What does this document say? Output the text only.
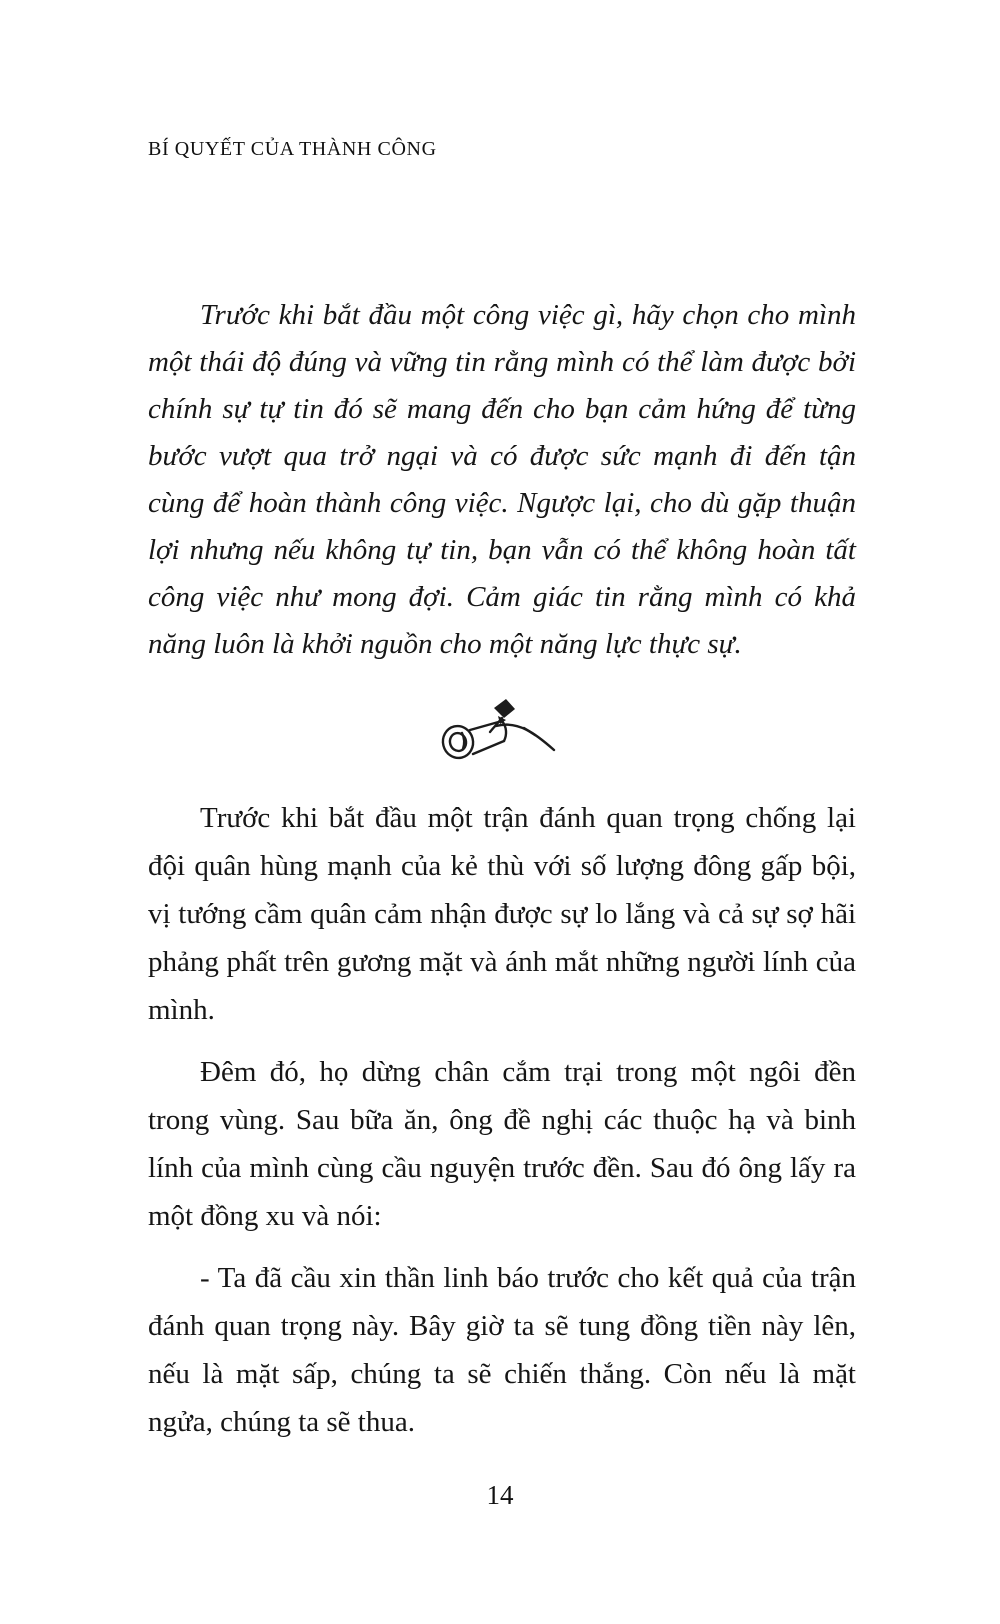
BÍ QUYẾT CỦA THÀNH CÔNG

Trước khi bắt đầu một công việc gì, hãy chọn cho mình một thái độ đúng và vững tin rằng mình có thể làm được bởi chính sự tự tin đó sẽ mang đến cho bạn cảm hứng để từng bước vượt qua trở ngại và có được sức mạnh đi đến tận cùng để hoàn thành công việc. Ngược lại, cho dù gặp thuận lợi nhưng nếu không tự tin, bạn vẫn có thể không hoàn tất công việc như mong đợi. Cảm giác tin rằng mình có khả năng luôn là khởi nguồn cho một năng lực thực sự.

Trước khi bắt đầu một trận đánh quan trọng chống lại đội quân hùng mạnh của kẻ thù với số lượng đông gấp bội, vị tướng cầm quân cảm nhận được sự lo lắng và cả sự sợ hãi phảng phất trên gương mặt và ánh mắt những người lính của mình.

Đêm đó, họ dừng chân cắm trại trong một ngôi đền trong vùng. Sau bữa ăn, ông đề nghị các thuộc hạ và binh lính của mình cùng cầu nguyện trước đền. Sau đó ông lấy ra một đồng xu và nói:

- Ta đã cầu xin thần linh báo trước cho kết quả của trận đánh quan trọng này. Bây giờ ta sẽ tung đồng tiền này lên, nếu là mặt sấp, chúng ta sẽ chiến thắng. Còn nếu là mặt ngửa, chúng ta sẽ thua.

14
